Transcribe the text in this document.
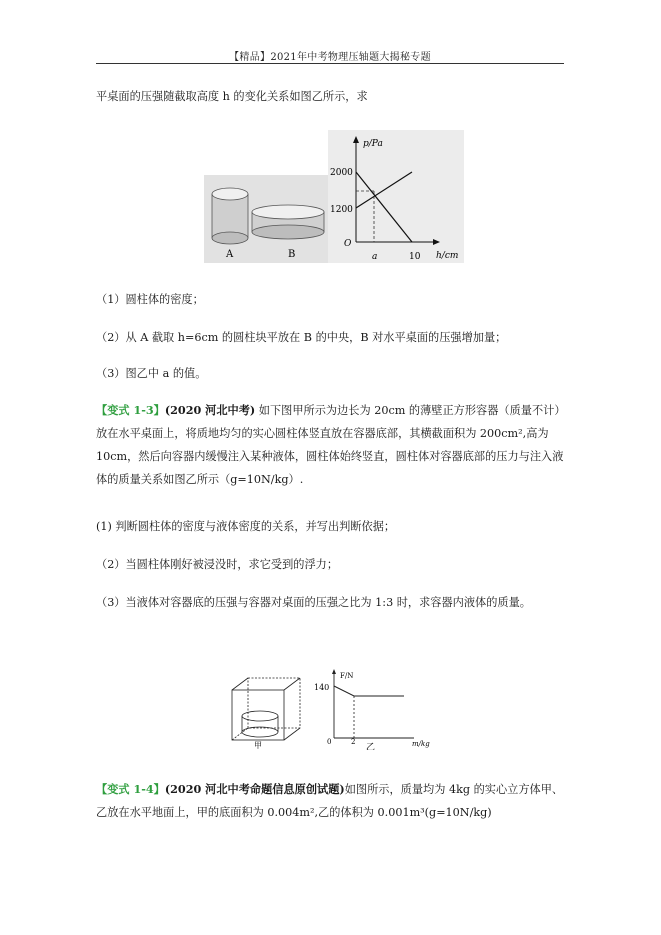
【精品】2021年中考物理压轴题大揭秘专题
平桌面的压强随截取高度 h 的变化关系如图乙所示，求
A	B
p/Pa
h/cm
2000
1200
O
a	10
（1）圆柱体的密度；
（2）从 A 截取 h=6cm 的圆柱块平放在 B 的中央，B 对水平桌面的压强增加量；
（3）图乙中 a 的值。
【变式 1-3】(2020 河北中考) 如下图甲所示为边长为 20cm 的薄壁正方形容器（质量不计）放在水平桌面上，将质地均匀的实心圆柱体竖直放在容器底部，其横截面积为 200cm²,高为 10cm，然后向容器内缓慢注入某种液体，圆柱体始终竖直，圆柱体对容器底部的压力与注入液体的质量关系如图乙所示（g=10N/kg）.
(1) 判断圆柱体的密度与液体密度的关系，并写出判断依据；
（2）当圆柱体刚好被浸没时，求它受到的浮力；
（3）当液体对容器底的压强与容器对桌面的压强之比为 1:3 时，求容器内液体的质量。
甲
F/N
140
0	2
乙	m/kg
【变式 1-4】(2020 河北中考命题信息原创试题)如图所示，质量均为 4kg 的实心立方体甲、乙放在水平地面上，甲的底面积为 0.004m²,乙的体积为 0.001m³(g=10N/kg)
